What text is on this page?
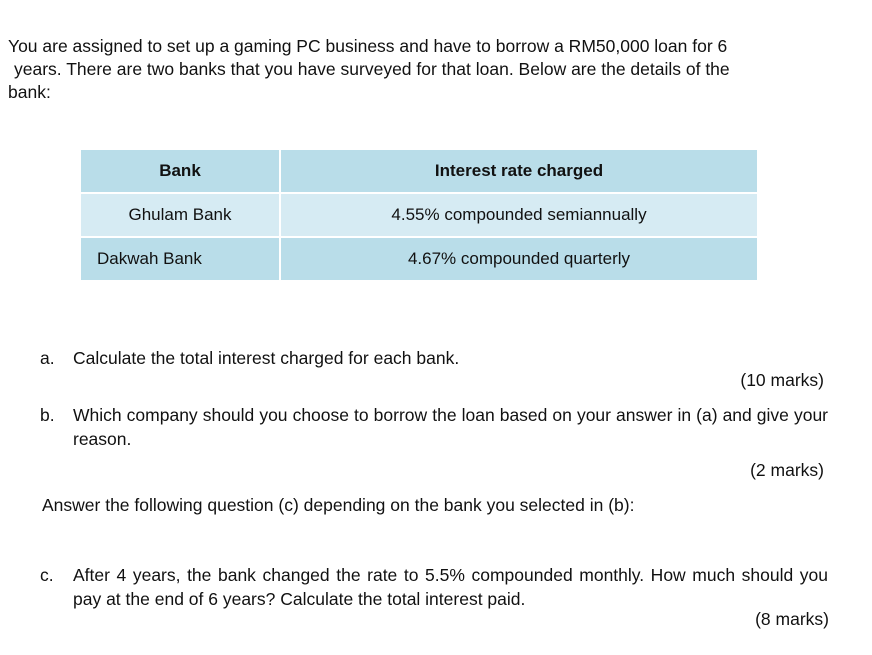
You are assigned to set up a gaming PC business and have to borrow a RM50,000 loan for 6
years. There are two banks that you have surveyed for that loan. Below are the details of the
bank:
Bank	Interest rate charged
Ghulam Bank	4.55% compounded semiannually
Dakwah Bank	4.67% compounded quarterly
a.	Calculate the total interest charged for each bank.
(10 marks)
b.	Which company should you choose to borrow the loan based on your answer in (a) and give your reason.
(2 marks)
Answer the following question (c) depending on the bank you selected in (b):
c.	After 4 years, the bank changed the rate to 5.5% compounded monthly. How much should you pay at the end of 6 years? Calculate the total interest paid.
(8 marks)
